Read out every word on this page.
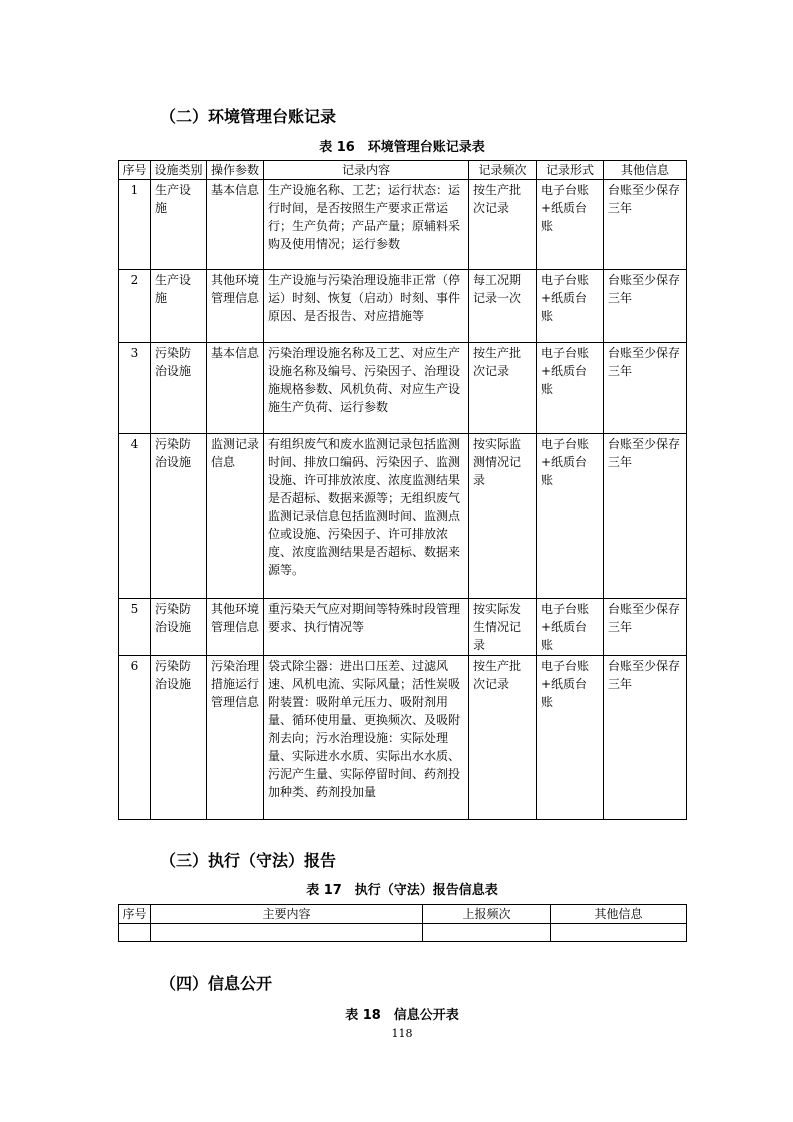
（二）环境管理台账记录
表 16　环境管理台账记录表
序号	设施类别	操作参数	记录内容	记录频次	记录形式	其他信息
1	生产设施	基本信息	生产设施名称、工艺；运行状态：运行时间，是否按照生产要求正常运行；生产负荷；产品产量；原辅料采购及使用情况；运行参数	按生产批次记录	电子台账+纸质台账	台账至少保存三年
2	生产设施	其他环境管理信息	生产设施与污染治理设施非正常（停运）时刻、恢复（启动）时刻、事件原因、是否报告、对应措施等	每工况期记录一次	电子台账+纸质台账	台账至少保存三年
3	污染防治设施	基本信息	污染治理设施名称及工艺、对应生产设施名称及编号、污染因子、治理设施规格参数、风机负荷、对应生产设施生产负荷、运行参数	按生产批次记录	电子台账+纸质台账	台账至少保存三年
4	污染防治设施	监测记录信息	有组织废气和废水监测记录包括监测时间、排放口编码、污染因子、监测设施、许可排放浓度、浓度监测结果是否超标、数据来源等；无组织废气监测记录信息包括监测时间、监测点位或设施、污染因子、许可排放浓度、浓度监测结果是否超标、数据来源等。	按实际监测情况记录	电子台账+纸质台账	台账至少保存三年
5	污染防治设施	其他环境管理信息	重污染天气应对期间等特殊时段管理要求、执行情况等	按实际发生情况记录	电子台账+纸质台账	台账至少保存三年
6	污染防治设施	污染治理措施运行管理信息	袋式除尘器：进出口压差、过滤风速、风机电流、实际风量；活性炭吸附装置：吸附单元压力、吸附剂用量、循环使用量、更换频次、及吸附剂去向；污水治理设施：实际处理量、实际进水水质、实际出水水质、污泥产生量、实际停留时间、药剂投加种类、药剂投加量	按生产批次记录	电子台账+纸质台账	台账至少保存三年
（三）执行（守法）报告
表 17　执行（守法）报告信息表
序号	主要内容	上报频次	其他信息

（四）信息公开
表 18　信息公开表
118
